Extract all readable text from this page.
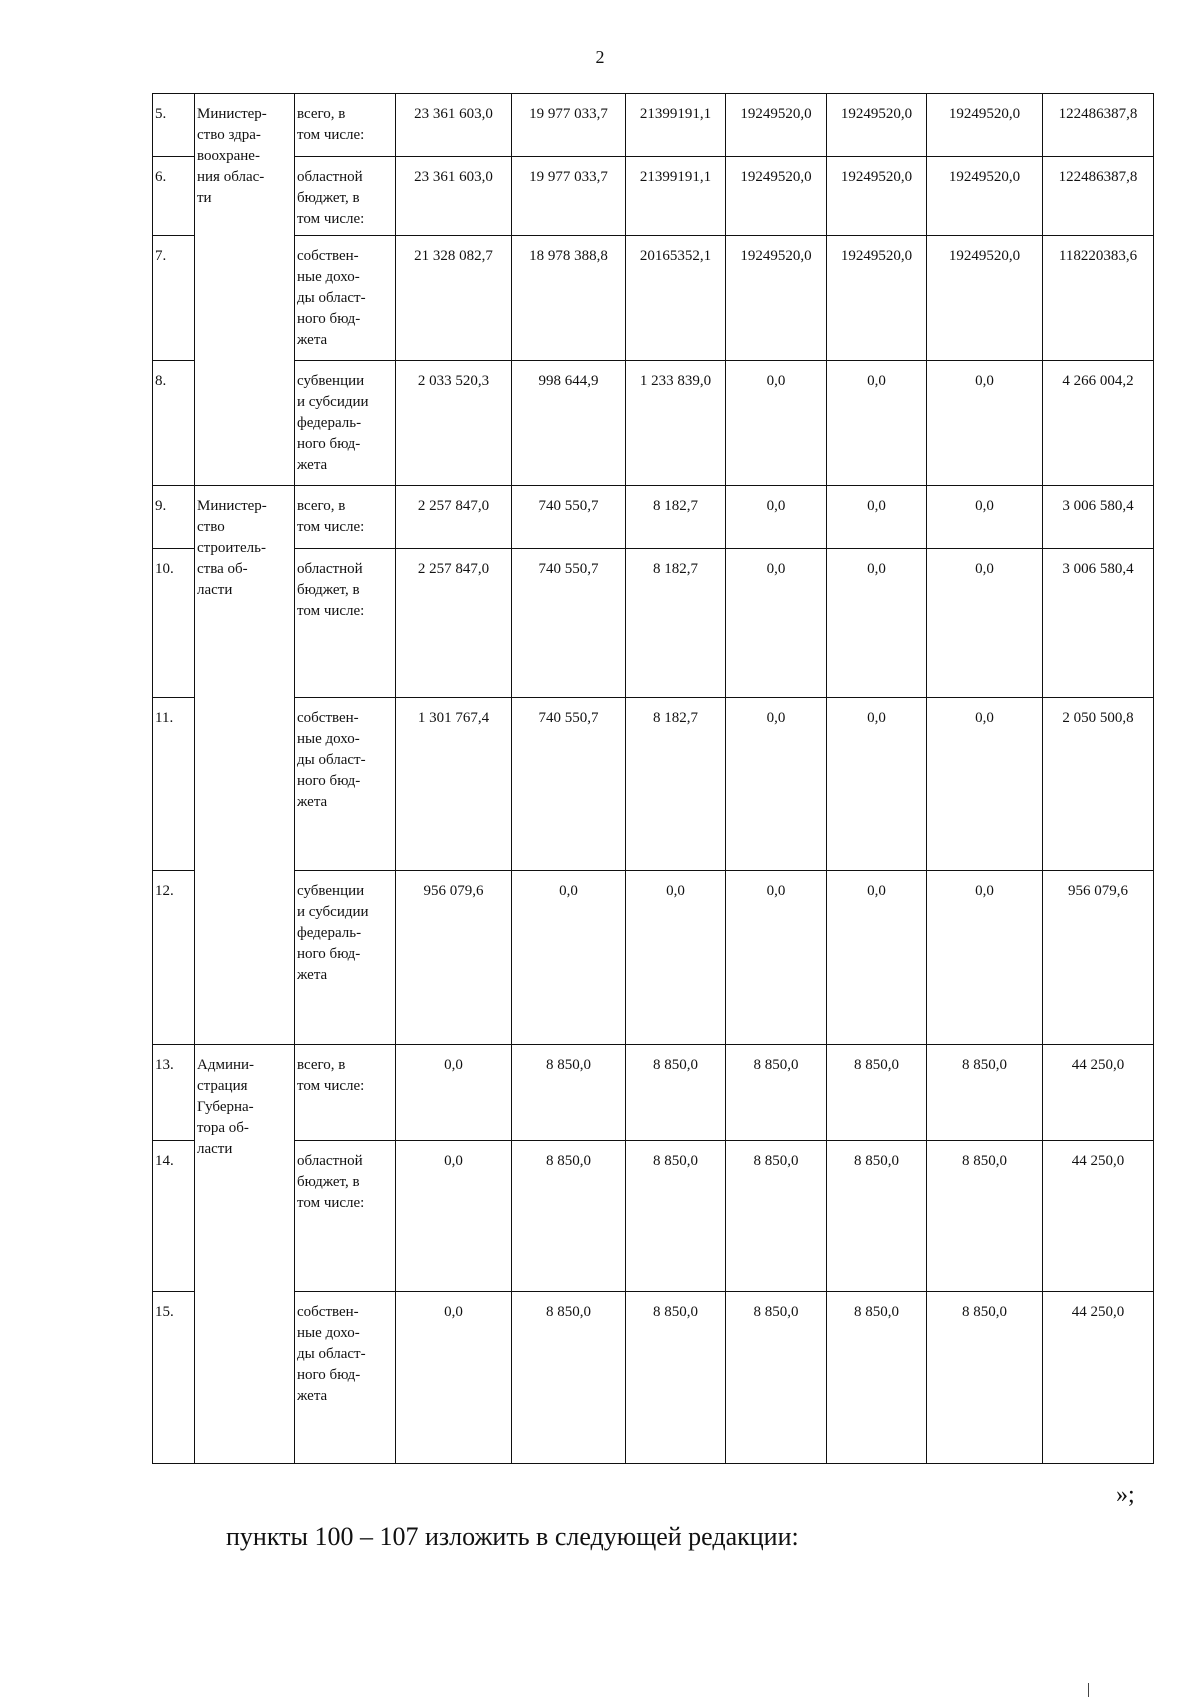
2
5.	Министер-
ство здра-
воохране-
ния облас-
ти	всего, в
том числе:	23 361 603,0	19 977 033,7	21399191,1	19249520,0	19249520,0	19249520,0	122486387,8
6.		областной
бюджет, в
том числе:	23 361 603,0	19 977 033,7	21399191,1	19249520,0	19249520,0	19249520,0	122486387,8
7.		собствен-
ные дохо-
ды област-
ного бюд-
жета	21 328 082,7	18 978 388,8	20165352,1	19249520,0	19249520,0	19249520,0	118220383,6
8.		субвенции
и субсидии
федераль-
ного бюд-
жета	2 033 520,3	998 644,9	1 233 839,0	0,0	0,0	0,0	4 266 004,2
9.	Министер-
ство
строитель-
ства об-
ласти	всего, в
том числе:	2 257 847,0	740 550,7	8 182,7	0,0	0,0	0,0	3 006 580,4
10.		областной
бюджет, в
том числе:	2 257 847,0	740 550,7	8 182,7	0,0	0,0	0,0	3 006 580,4
11.		собствен-
ные дохо-
ды област-
ного бюд-
жета	1 301 767,4	740 550,7	8 182,7	0,0	0,0	0,0	2 050 500,8
12.		субвенции
и субсидии
федераль-
ного бюд-
жета	956 079,6	0,0	0,0	0,0	0,0	0,0	956 079,6
13.	Админи-
страция
Губерна-
тора об-
ласти	всего, в
том числе:	0,0	8 850,0	8 850,0	8 850,0	8 850,0	8 850,0	44 250,0
14.		областной
бюджет, в
том числе:	0,0	8 850,0	8 850,0	8 850,0	8 850,0	8 850,0	44 250,0
15.		собствен-
ные дохо-
ды област-
ного бюд-
жета	0,0	8 850,0	8 850,0	8 850,0	8 850,0	8 850,0	44 250,0
»;
пункты 100 – 107 изложить в следующей редакции:
